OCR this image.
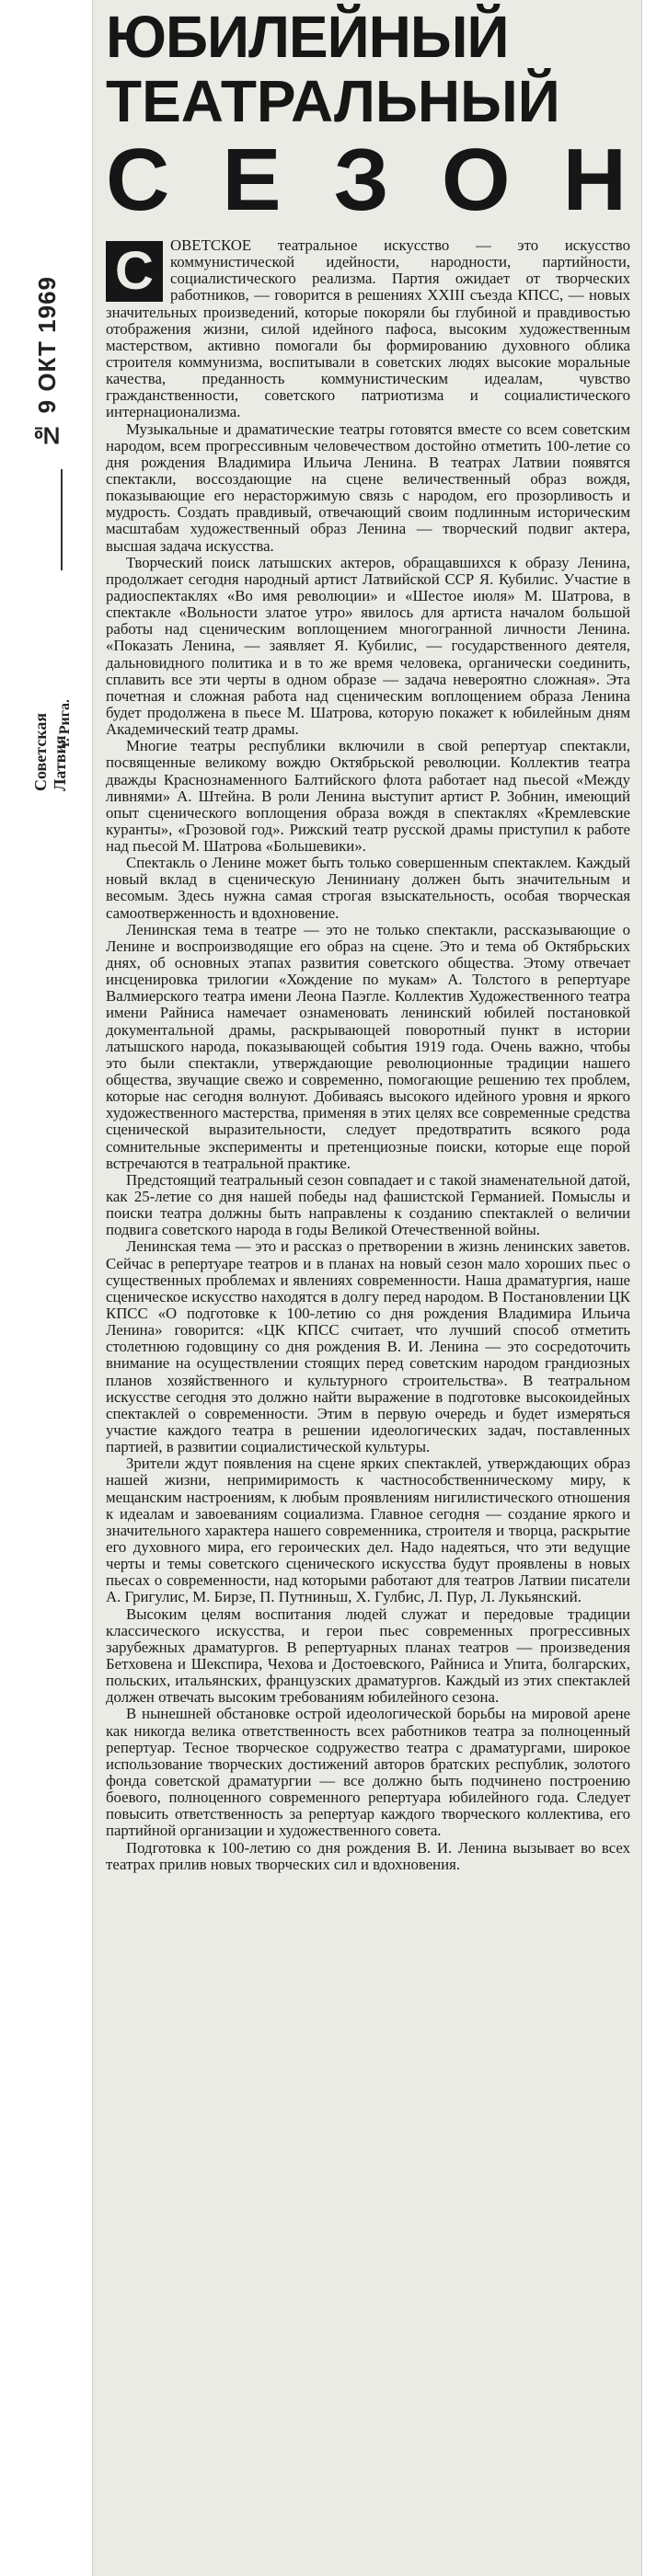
№ 9 ОКТ 1969
Советская Латвия
г. Рига.
ЮБИЛЕЙНЫЙ
ТЕАТРАЛЬНЫЙ
С Е З О Н
С	ОВЕТСКОЕ театральное искусство — это искусство коммунистической идейности, народности, партийности, социалистического реализма. Партия ожидает от творческих работников, — говорится в решениях XXIII съезда КПСС, — новых значительных произведений, которые покоряли бы глубиной и правдивостью отображения жизни, силой идейного пафоса, высоким художественным мастерством, активно помогали бы формированию духовного облика строителя коммунизма, воспитывали в советских людях высокие моральные качества, преданность коммунистическим идеалам, чувство гражданственности, советского патриотизма и социалистического интернационализма.

Музыкальные и драматические театры готовятся вместе со всем советским народом, всем прогрессивным человечеством достойно отметить 100-летие со дня рождения Владимира Ильича Ленина. В театрах Латвии появятся спектакли, воссоздающие на сцене величественный образ вождя, показывающие его нерасторжимую связь с народом, его прозорливость и мудрость. Создать правдивый, отвечающий своим подлинным историческим масштабам художественный образ Ленина — творческий подвиг актера, высшая задача искусства.

Творческий поиск латышских актеров, обращавшихся к образу Ленина, продолжает сегодня народный артист Латвийской ССР Я. Кубилис. Участие в радиоспектаклях «Во имя революции» и «Шестое июля» М. Шатрова, в спектакле «Вольности златое утро» явилось для артиста началом большой работы над сценическим воплощением многогранной личности Ленина. «Показать Ленина, — заявляет Я. Кубилис, — государственного деятеля, дальновидного политика и в то же время человека, органически соединить, сплавить все эти черты в одном образе — задача невероятно сложная». Эта почетная и сложная работа над сценическим воплощением образа Ленина будет продолжена в пьесе М. Шатрова, которую покажет к юбилейным дням Академический театр драмы.

Многие театры республики включили в свой репертуар спектакли, посвященные великому вождю Октябрьской революции. Коллектив театра дважды Краснознаменного Балтийского флота работает над пьесой «Между ливнями» А. Штейна. В роли Ленина выступит артист Р. Зобнин, имеющий опыт сценического воплощения образа вождя в спектаклях «Кремлевские куранты», «Грозовой год». Рижский театр русской драмы приступил к работе над пьесой М. Шатрова «Большевики».

Спектакль о Ленине может быть только совершенным спектаклем. Каждый новый вклад в сценическую Лениниану должен быть значительным и весомым. Здесь нужна самая строгая взыскательность, особая творческая самоотверженность и вдохновение.

Ленинская тема в театре — это не только спектакли, рассказывающие о Ленине и воспроизводящие его образ на сцене. Это и тема об Октябрьских днях, об основных этапах развития советского общества. Этому отвечает инсценировка трилогии «Хождение по мукам» А. Толстого в репертуаре Валмиерского театра имени Леона Паэгле. Коллектив Художественного театра имени Райниса намечает ознаменовать ленинский юбилей постановкой документальной драмы, раскрывающей поворотный пункт в истории латышского народа, показывающей события 1919 года. Очень важно, чтобы это были спектакли, утверждающие революционные традиции нашего общества, звучащие свежо и современно, помогающие решению тех проблем, которые нас сегодня волнуют. Добиваясь высокого идейного уровня и яркого художественного мастерства, применяя в этих целях все современные средства сценической выразительности, следует предотвратить всякого рода сомнительные эксперименты и претенциозные поиски, которые еще порой встречаются в театральной практике.

Предстоящий театральный сезон совпадает и с такой знаменательной датой, как 25-летие со дня нашей победы над фашистской Германией. Помыслы и поиски театра должны быть направлены к созданию спектаклей о величии подвига советского народа в годы Великой Отечественной войны.

Ленинская тема — это и рассказ о претворении в жизнь ленинских заветов. Сейчас в репертуаре театров и в планах на новый сезон мало хороших пьес о существенных проблемах и явлениях современности. Наша драматургия, наше сценическое искусство находятся в долгу перед народом. В Постановлении ЦК КПСС «О подготовке к 100-летию со дня рождения Владимира Ильича Ленина» говорится: «ЦК КПСС считает, что лучший способ отметить столетнюю годовщину со дня рождения В. И. Ленина — это сосредоточить внимание на осуществлении стоящих перед советским народом грандиозных планов хозяйственного и культурного строительства». В театральном искусстве сегодня это должно найти выражение в подготовке высокоидейных спектаклей о современности. Этим в первую очередь и будет измеряться участие каждого театра в решении идеологических задач, поставленных партией, в развитии социалистической культуры.

Зрители ждут появления на сцене ярких спектаклей, утверждающих образ нашей жизни, непримиримость к частнособственническому миру, к мещанским настроениям, к любым проявлениям нигилистического отношения к идеалам и завоеваниям социализма. Главное сегодня — создание яркого и значительного характера нашего современника, строителя и творца, раскрытие его духовного мира, его героических дел. Надо надеяться, что эти ведущие черты и темы советского сценического искусства будут проявлены в новых пьесах о современности, над которыми работают для театров Латвии писатели А. Григулис, М. Бирзе, П. Путниньш, Х. Гулбис, Л. Пур, Л. Лукьянский.

Высоким целям воспитания людей служат и передовые традиции классического искусства, и герои пьес современных прогрессивных зарубежных драматургов. В репертуарных планах театров — произведения Бетховена и Шекспира, Чехова и Достоевского, Райниса и Упита, болгарских, польских, итальянских, французских драматургов. Каждый из этих спектаклей должен отвечать высоким требованиям юбилейного сезона.

В нынешней обстановке острой идеологической борьбы на мировой арене как никогда велика ответственность всех работников театра за полноценный репертуар. Тесное творческое содружество театра с драматургами, широкое использование творческих достижений авторов братских республик, золотого фонда советской драматургии — все должно быть подчинено построению боевого, полноценного современного репертуара юбилейного года. Следует повысить ответственность за репертуар каждого творческого коллектива, его партийной организации и художественного совета.

Подготовка к 100-летию со дня рождения В. И. Ленина вызывает во всех театрах прилив новых творческих сил и вдохновения.
